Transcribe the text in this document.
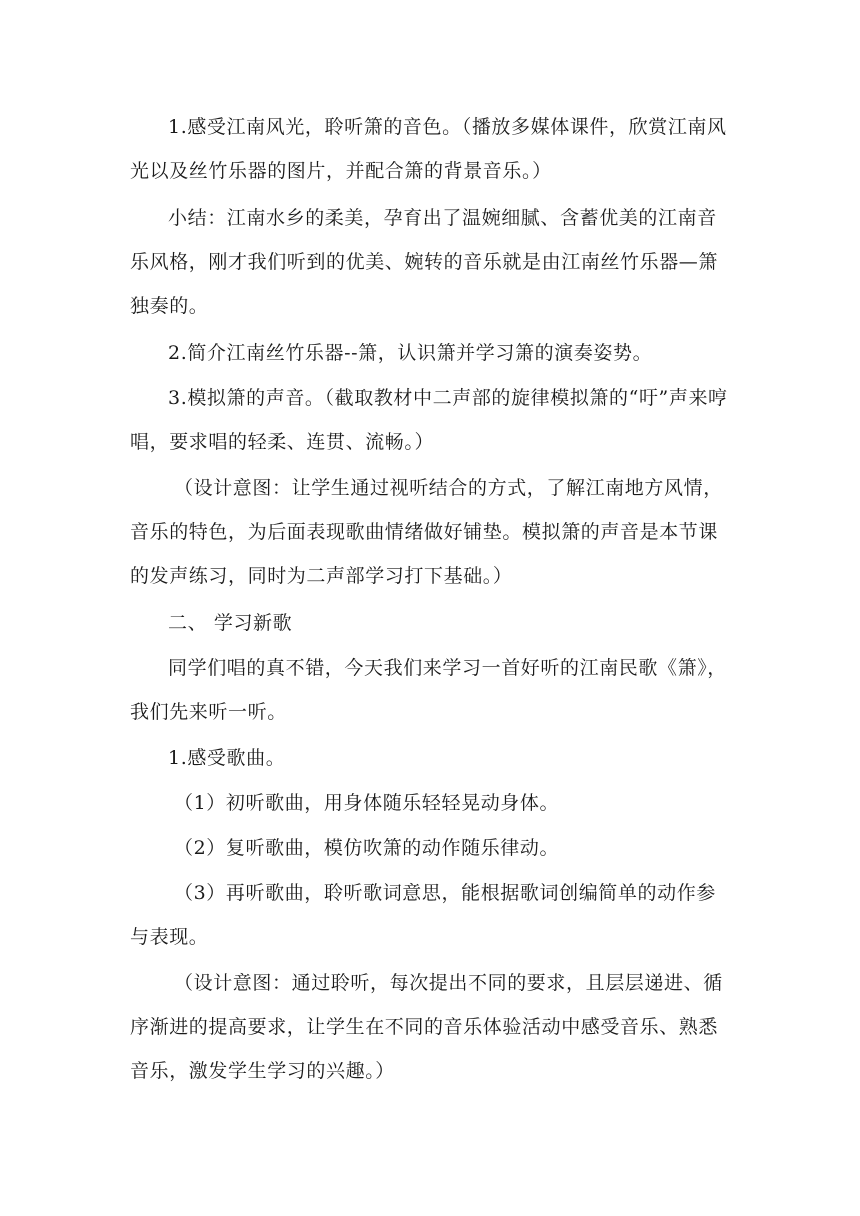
1.感受江南风光，聆听箫的音色。（播放多媒体课件，欣赏江南风光以及丝竹乐器的图片，并配合箫的背景音乐。）

小结：江南水乡的柔美，孕育出了温婉细腻、含蓄优美的江南音乐风格，刚才我们听到的优美、婉转的音乐就是由江南丝竹乐器—箫独奏的。

2.简介江南丝竹乐器--箫，认识箫并学习箫的演奏姿势。

3.模拟箫的声音。（截取教材中二声部的旋律模拟箫的“吁”声来哼唱，要求唱的轻柔、连贯、流畅。）

（设计意图：让学生通过视听结合的方式，了解江南地方风情，音乐的特色，为后面表现歌曲情绪做好铺垫。模拟箫的声音是本节课的发声练习，同时为二声部学习打下基础。）

二、 学习新歌

同学们唱的真不错，今天我们来学习一首好听的江南民歌《箫》，我们先来听一听。

1.感受歌曲。

（1）初听歌曲，用身体随乐轻轻晃动身体。

（2）复听歌曲，模仿吹箫的动作随乐律动。

（3）再听歌曲，聆听歌词意思，能根据歌词创编简单的动作参与表现。

（设计意图：通过聆听，每次提出不同的要求，且层层递进、循序渐进的提高要求，让学生在不同的音乐体验活动中感受音乐、熟悉音乐，激发学生学习的兴趣。）
